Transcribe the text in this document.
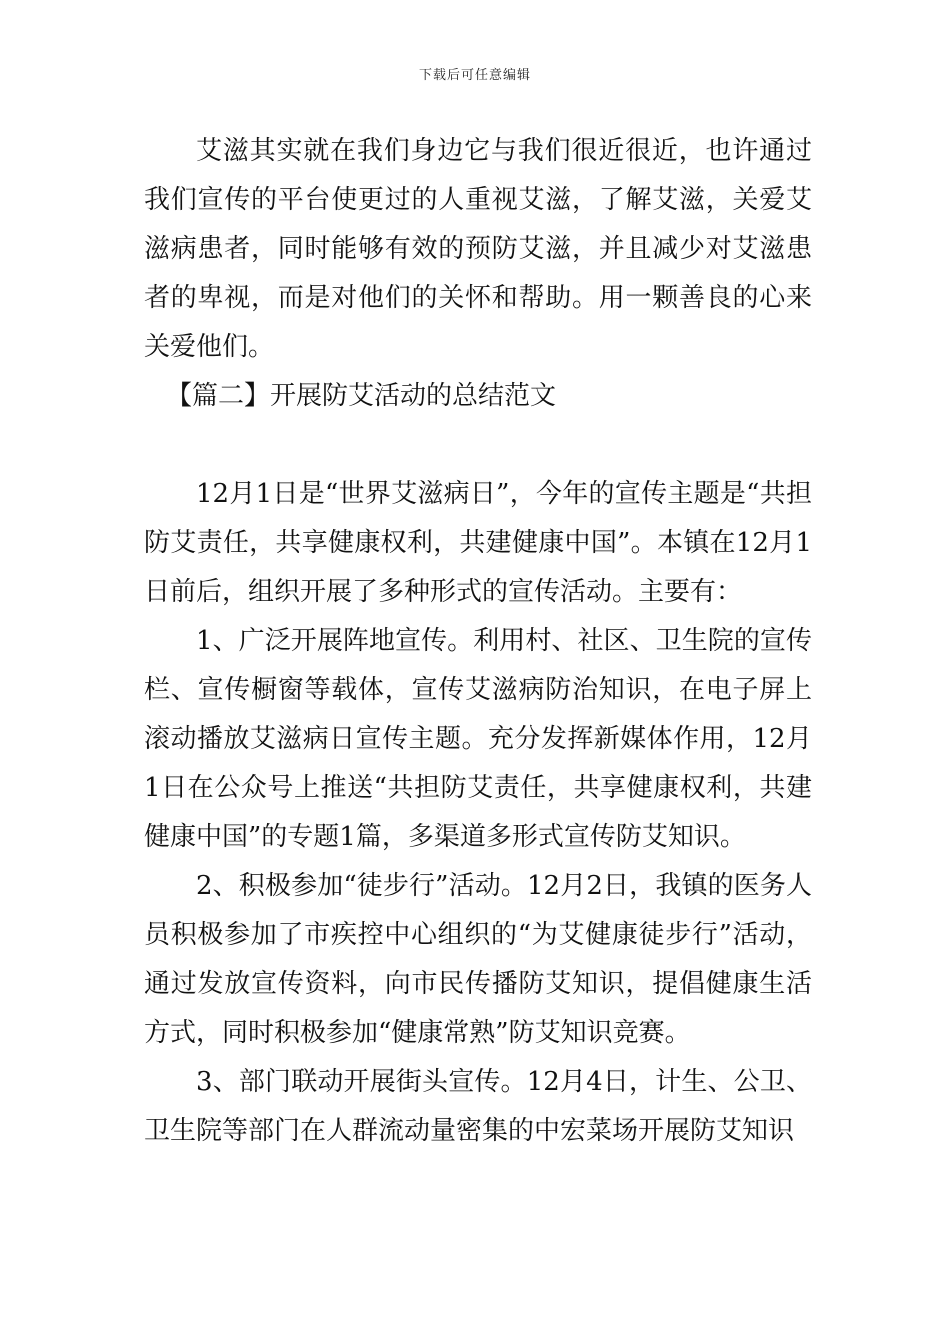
下载后可任意编辑

艾滋其实就在我们身边它与我们很近很近，也许通过我们宣传的平台使更过的人重视艾滋，了解艾滋，关爱艾滋病患者，同时能够有效的预防艾滋，并且减少对艾滋患者的卑视，而是对他们的关怀和帮助。用一颗善良的心来关爱他们。

【篇二】开展防艾活动的总结范文

12月1日是“世界艾滋病日”，今年的宣传主题是“共担防艾责任，共享健康权利，共建健康中国”。本镇在12月1日前后，组织开展了多种形式的宣传活动。主要有：

1、广泛开展阵地宣传。利用村、社区、卫生院的宣传栏、宣传橱窗等载体，宣传艾滋病防治知识，在电子屏上滚动播放艾滋病日宣传主题。充分发挥新媒体作用，12月1日在公众号上推送“共担防艾责任，共享健康权利，共建健康中国”的专题1篇，多渠道多形式宣传防艾知识。

2、积极参加“徒步行”活动。12月2日，我镇的医务人员积极参加了市疾控中心组织的“为艾健康徒步行”活动，通过发放宣传资料，向市民传播防艾知识，提倡健康生活方式，同时积极参加“健康常熟”防艾知识竞赛。

3、部门联动开展街头宣传。12月4日，计生、公卫、卫生院等部门在人群流动量密集的中宏菜场开展防艾知识
